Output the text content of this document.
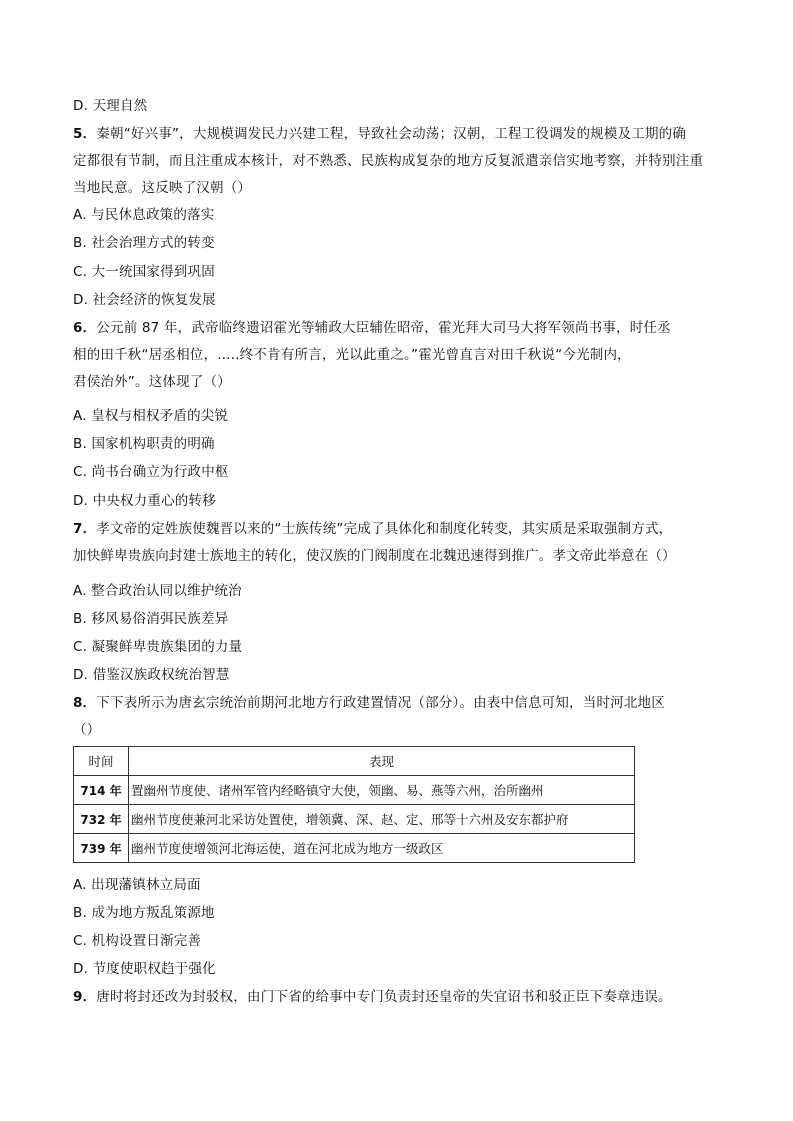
D. 天理自然
5．秦朝“好兴事”，大规模调发民力兴建工程，导致社会动荡；汉朝，工程工役调发的规模及工期的确
定都很有节制，而且注重成本核计，对不熟悉、民族构成复杂的地方反复派遣亲信实地考察，并特别注重
当地民意。这反映了汉朝（）
A. 与民休息政策的落实
B. 社会治理方式的转变
C. 大一统国家得到巩固
D. 社会经济的恢复发展
6．公元前 87 年，武帝临终遗诏霍光等辅政大臣辅佐昭帝，霍光拜大司马大将军领尚书事，时任丞
相的田千秋“居丞相位，.....终不肯有所言，光以此重之。”霍光曾直言对田千秋说“今光制内，
君侯治外”。这体现了（）
A. 皇权与相权矛盾的尖锐
B. 国家机构职责的明确
C. 尚书台确立为行政中枢
D. 中央权力重心的转移
7．孝文帝的定姓族使魏晋以来的“士族传统”完成了具体化和制度化转变，其实质是采取强制方式，
加快鲜卑贵族向封建士族地主的转化，使汉族的门阀制度在北魏迅速得到推广。孝文帝此举意在（）
A. 整合政治认同以维护统治
B. 移风易俗消弭民族差异
C. 凝聚鲜卑贵族集团的力量
D. 借鉴汉族政权统治智慧
8．下下表所示为唐玄宗统治前期河北地方行政建置情况（部分）。由表中信息可知，当时河北地区
（）
时间	表现
714 年	置幽州节度使、诸州军管内经略镇守大使，领幽、易、燕等六州，治所幽州
732 年	幽州节度使兼河北采访处置使，增领冀、深、赵、定、邢等十六州及安东都护府
739 年	幽州节度使增领河北海运使，道在河北成为地方一级政区
A. 出现藩镇林立局面
B. 成为地方叛乱策源地
C. 机构设置日渐完善
D. 节度使职权趋于强化
9．唐时将封还改为封驳权，由门下省的给事中专门负责封还皇帝的失宜诏书和驳正臣下奏章违误。
